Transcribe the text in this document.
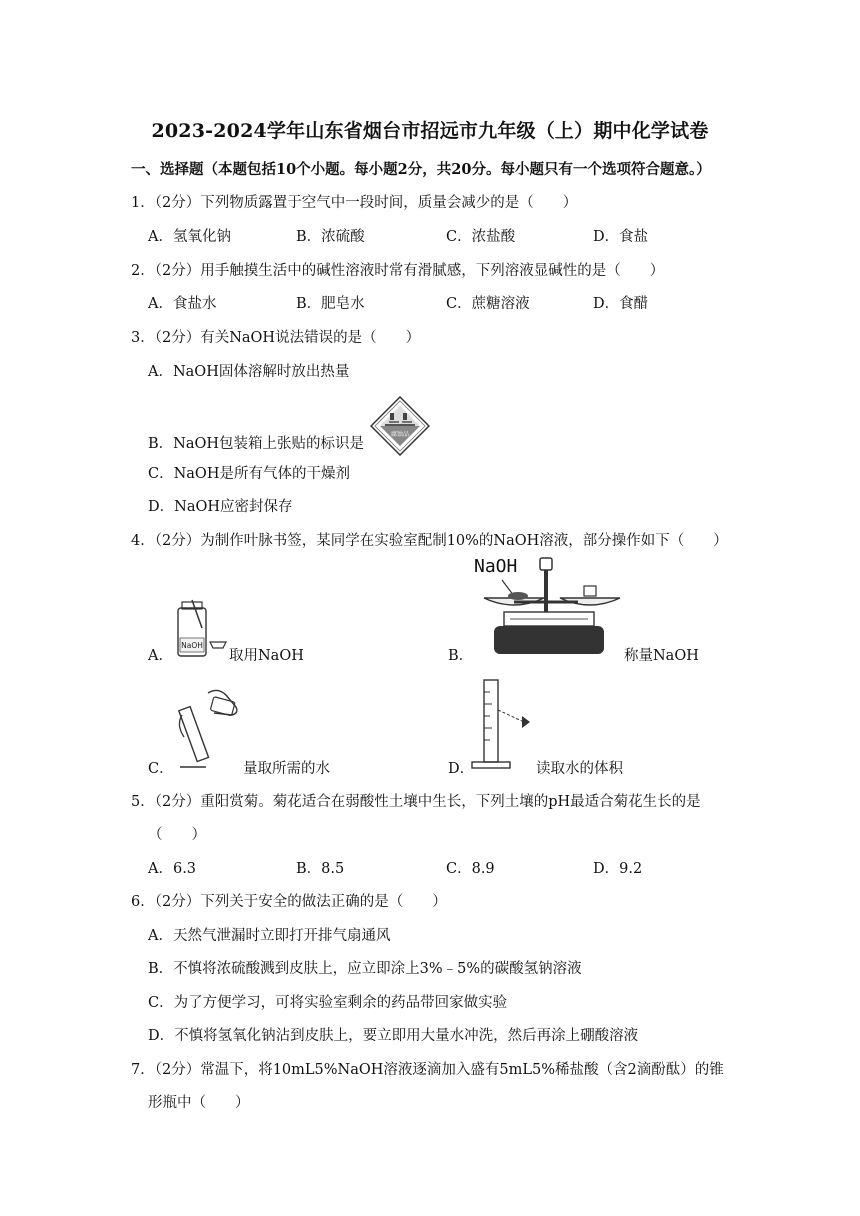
2023-2024学年山东省烟台市招远市九年级（上）期中化学试卷
一、选择题（本题包括10个小题。每小题2分，共20分。每小题只有一个选项符合题意。）
1．（2分）下列物质露置于空气中一段时间，质量会减少的是（　　）
A．氢氧化钠	B．浓硫酸	C．浓盐酸	D．食盐
2．（2分）用手触摸生活中的碱性溶液时常有滑腻感，下列溶液显碱性的是（　　）
A．食盐水	B．肥皂水	C．蔗糖溶液	D．食醋
3．（2分）有关NaOH说法错误的是（　　）
A．NaOH固体溶解时放出热量
B．NaOH包装箱上张贴的标识是
腐蚀品
C．NaOH是所有气体的干燥剂
D．NaOH应密封保存
4．（2分）为制作叶脉书签，某同学在实验室配制10%的NaOH溶液，部分操作如下（　　）
A．
NaOH
取用NaOH	B．
NaOH
称量NaOH
C．	量取所需的水	D．	读取水的体积
5．（2分）重阳赏菊。菊花适合在弱酸性土壤中生长，下列土壤的pH最适合菊花生长的是
（　　）
A．6.3	B．8.5	C．8.9	D．9.2
6．（2分）下列关于安全的做法正确的是（　　）
A．天然气泄漏时立即打开排气扇通风
B．不慎将浓硫酸溅到皮肤上，应立即涂上3%﹣5%的碳酸氢钠溶液
C．为了方便学习，可将实验室剩余的药品带回家做实验
D．不慎将氢氧化钠沾到皮肤上，要立即用大量水冲洗，然后再涂上硼酸溶液
7．（2分）常温下，将10mL5%NaOH溶液逐滴加入盛有5mL5%稀盐酸（含2滴酚酞）的锥
形瓶中（　　）
